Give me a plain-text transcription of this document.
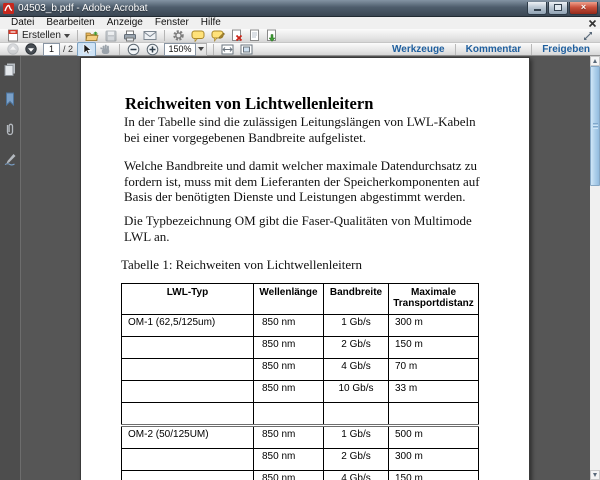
04503_b.pdf - Adobe Acrobat	×
Datei	Bearbeiten	Anzeige	Fenster	Hilfe
Erstellen
1	/ 2	150%	Werkzeuge	Kommentar	Freigeben
Reichweiten von Lichtwellenleitern
In der Tabelle sind die zulässigen Leitungslängen von LWL-Kabeln
bei einer vorgegebenen Bandbreite aufgelistet.
Welche Bandbreite und damit welcher maximale Datendurchsatz zu
fordern ist, muss mit dem Lieferanten der Speicherkomponenten auf
Basis der benötigten Dienste und Leistungen abgestimmt werden.
Die Typbezeichnung OM gibt die Faser-Qualitäten von Multimode
LWL an.
Tabelle 1: Reichweiten von Lichtwellenleitern
LWL-Typ	Wellenlänge	Bandbreite	Maximale
Transportdistanz
OM-1 (62,5/125um)	850 nm	1 Gb/s	300 m
	850 nm	2 Gb/s	150 m
	850 nm	4 Gb/s	70 m
	850 nm	10 Gb/s	33 m

OM-2 (50/125UM)	850 nm	1 Gb/s	500 m
	850 nm	2 Gb/s	300 m
	850 nm	4 Gb/s	150 m
